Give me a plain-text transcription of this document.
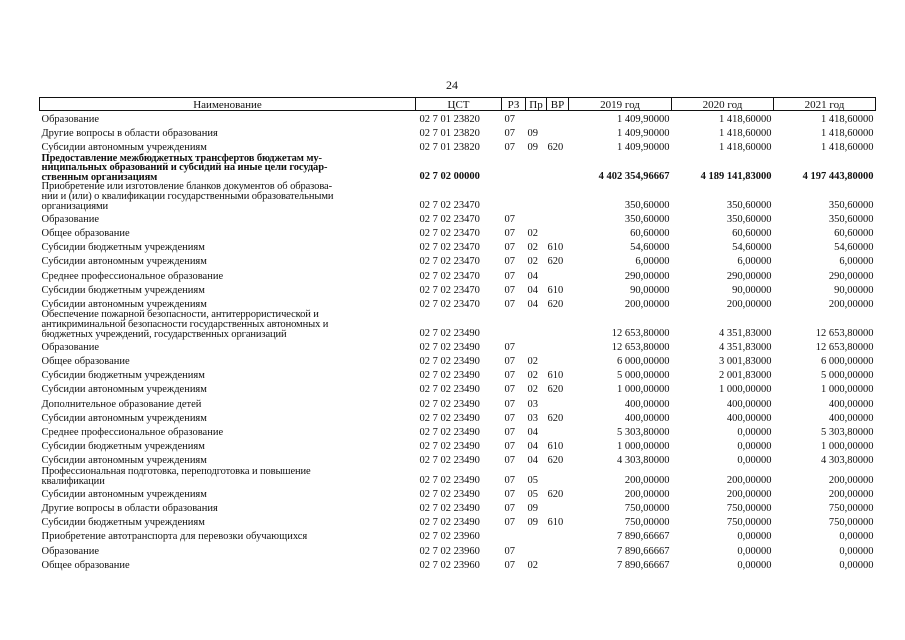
24
Наименование	ЦСТ	РЗ	Пр	ВР	2019 год	2020 год	2021 год
Образование	02 7 01 23820	07			1 409,90000	1 418,60000	1 418,60000
Другие вопросы в области образования	02 7 01 23820	07	09		1 409,90000	1 418,60000	1 418,60000
Субсидии автономным учреждениям	02 7 01 23820	07	09	620	1 409,90000	1 418,60000	1 418,60000

Предоставление межбюджетных трансфертов бюджетам му-
ниципальных образований и субсидий на иные цели государ-
ственным организациям	02 7 02 00000				4 402 354,96667	4 189 141,83000	4 197 443,80000

Приобретение или изготовление бланков документов об образова-
нии и (или) о квалификации государственными образовательными
организациями	02 7 02 23470				350,60000	350,60000	350,60000
Образование	02 7 02 23470	07			350,60000	350,60000	350,60000
Общее образование	02 7 02 23470	07	02		60,60000	60,60000	60,60000
Субсидии бюджетным учреждениям	02 7 02 23470	07	02	610	54,60000	54,60000	54,60000
Субсидии автономным учреждениям	02 7 02 23470	07	02	620	6,00000	6,00000	6,00000
Среднее профессиональное образование	02 7 02 23470	07	04		290,00000	290,00000	290,00000
Субсидии бюджетным учреждениям	02 7 02 23470	07	04	610	90,00000	90,00000	90,00000
Субсидии автономным учреждениям	02 7 02 23470	07	04	620	200,00000	200,00000	200,00000

Обеспечение пожарной безопасности, антитеррористической и
антикриминальной безопасности государственных автономных и
бюджетных учреждений, государственных организаций	02 7 02 23490				12 653,80000	4 351,83000	12 653,80000
Образование	02 7 02 23490	07			12 653,80000	4 351,83000	12 653,80000
Общее образование	02 7 02 23490	07	02		6 000,00000	3 001,83000	6 000,00000
Субсидии бюджетным учреждениям	02 7 02 23490	07	02	610	5 000,00000	2 001,83000	5 000,00000
Субсидии автономным учреждениям	02 7 02 23490	07	02	620	1 000,00000	1 000,00000	1 000,00000
Дополнительное образование детей	02 7 02 23490	07	03		400,00000	400,00000	400,00000
Субсидии автономным учреждениям	02 7 02 23490	07	03	620	400,00000	400,00000	400,00000
Среднее профессиональное образование	02 7 02 23490	07	04		5 303,80000	0,00000	5 303,80000
Субсидии бюджетным учреждениям	02 7 02 23490	07	04	610	1 000,00000	0,00000	1 000,00000
Субсидии автономным учреждениям	02 7 02 23490	07	04	620	4 303,80000	0,00000	4 303,80000

Профессиональная подготовка, переподготовка и повышение
квалификации	02 7 02 23490	07	05		200,00000	200,00000	200,00000
Субсидии автономным учреждениям	02 7 02 23490	07	05	620	200,00000	200,00000	200,00000
Другие вопросы в области образования	02 7 02 23490	07	09		750,00000	750,00000	750,00000
Субсидии бюджетным учреждениям	02 7 02 23490	07	09	610	750,00000	750,00000	750,00000
Приобретение автотранспорта для перевозки обучающихся	02 7 02 23960				7 890,66667	0,00000	0,00000
Образование	02 7 02 23960	07			7 890,66667	0,00000	0,00000
Общее образование	02 7 02 23960	07	02		7 890,66667	0,00000	0,00000
